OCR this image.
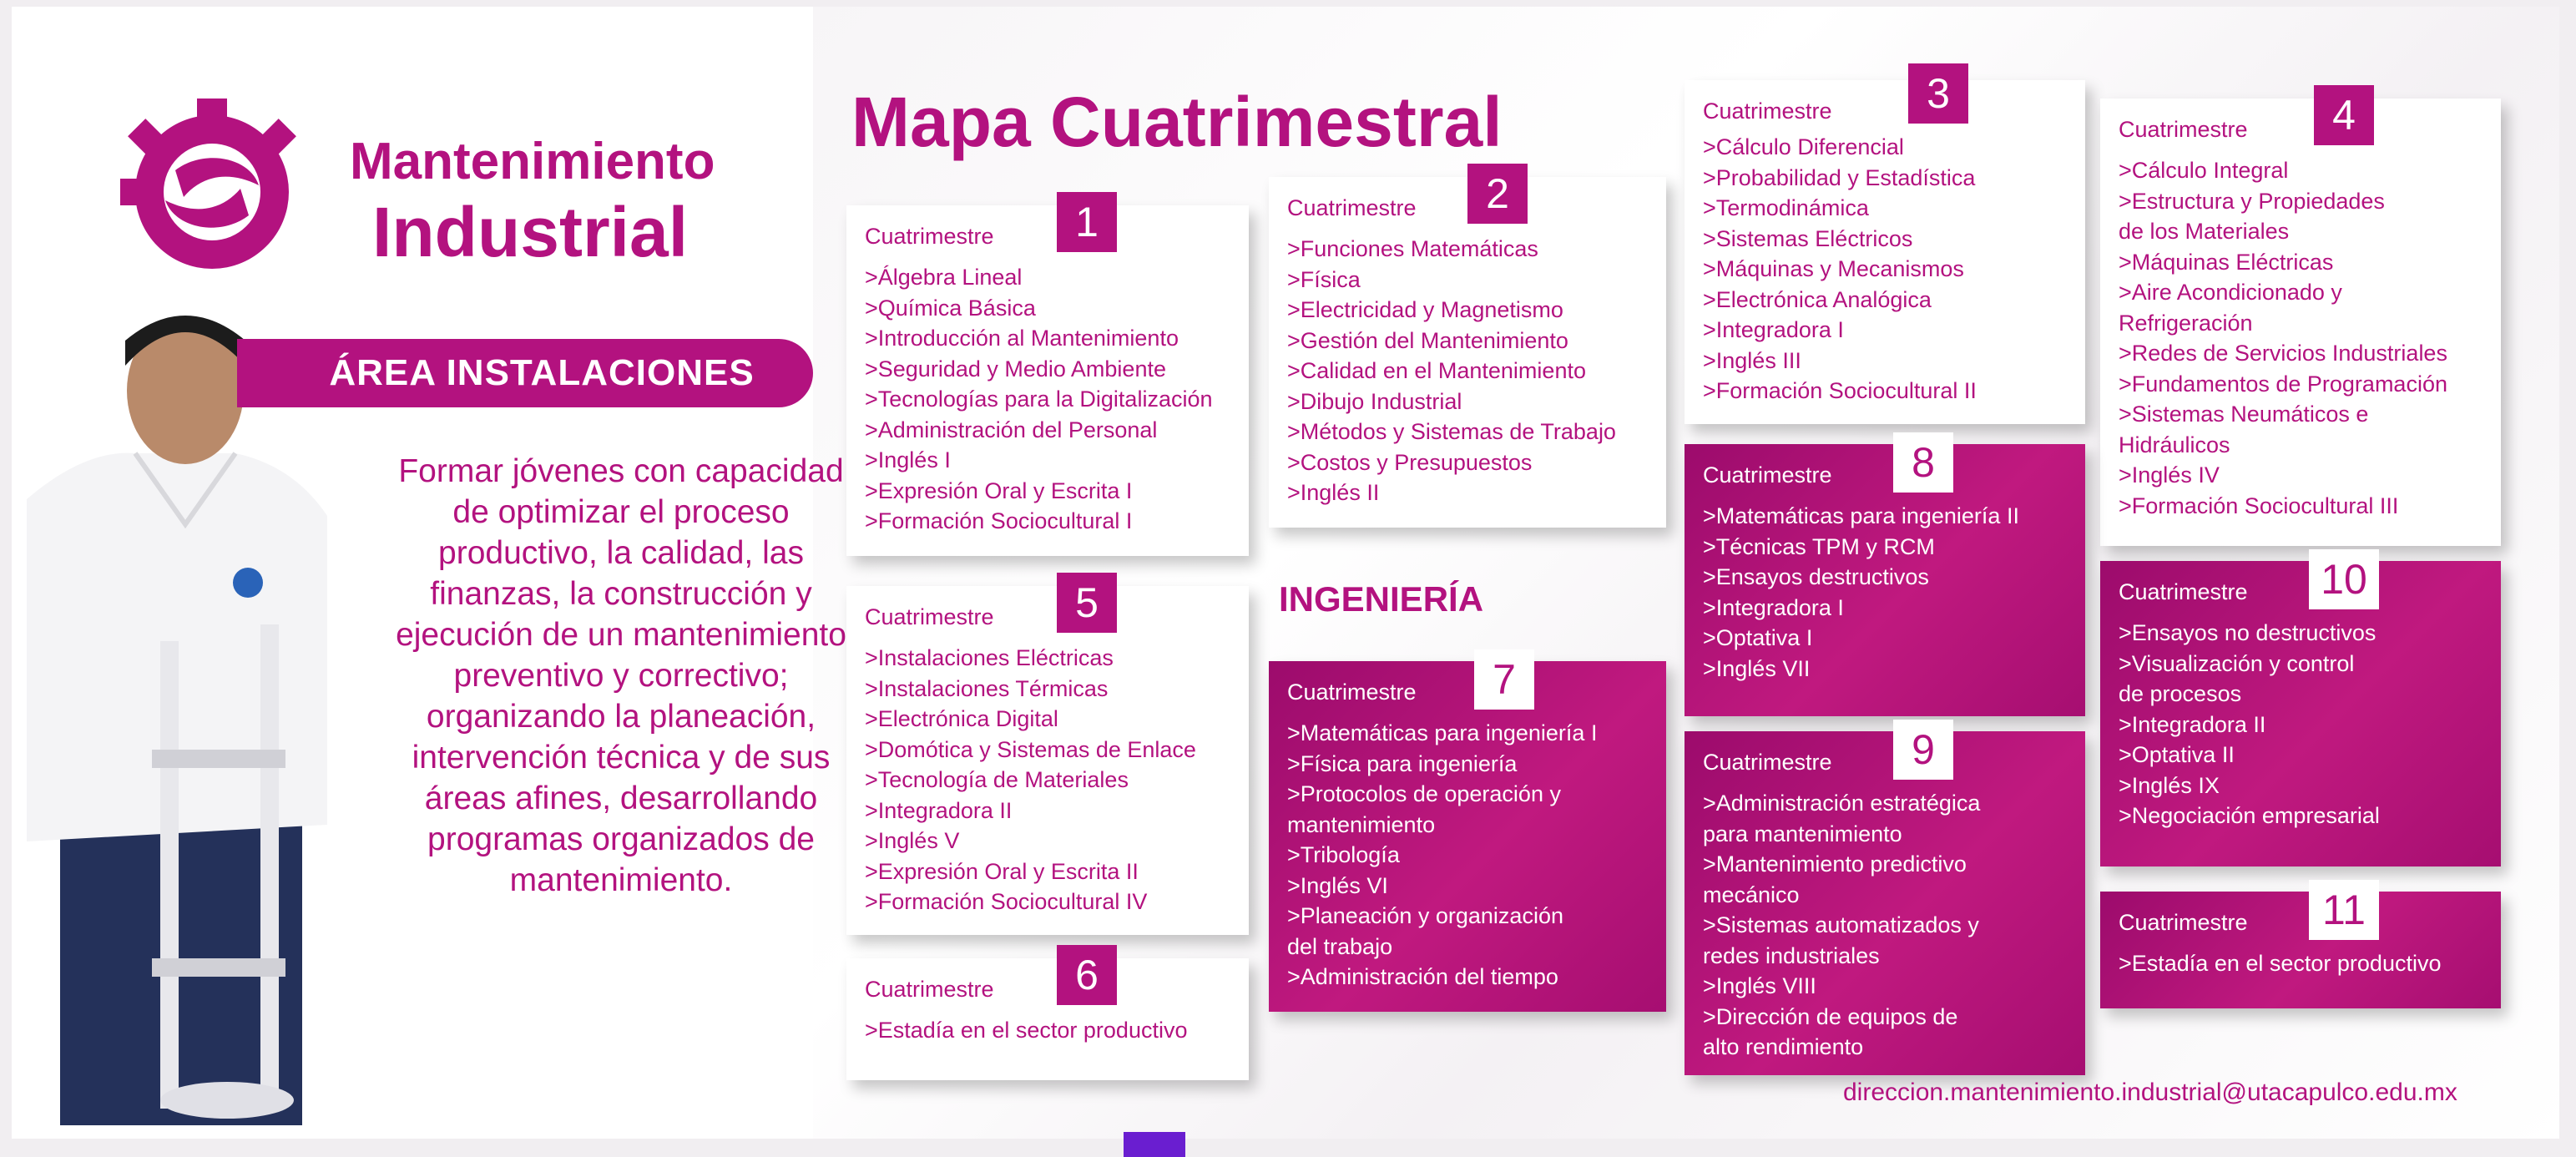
ut
Mantenimiento
Industrial
ÁREA INSTALACIONES
Formar jóvenes con capacidad de optimizar el proceso productivo, la calidad, las finanzas, la construcción y ejecución de un mantenimiento preventivo y correctivo; organizando la planeación, intervención técnica y de sus áreas afines, desarrollando programas organizados de mantenimiento.
Mapa Cuatrimestral
INGENIERÍA
Cuatrimestre	1
>Álgebra Lineal
>Química Básica
>Introducción al Mantenimiento
>Seguridad y Medio Ambiente
>Tecnologías para la Digitalización
>Administración del Personal
>Inglés I
>Expresión Oral y Escrita I
>Formación Sociocultural I
Cuatrimestre	2
>Funciones Matemáticas
>Física
>Electricidad y Magnetismo
>Gestión del Mantenimiento
>Calidad en el Mantenimiento
>Dibujo Industrial
>Métodos y Sistemas de Trabajo
>Costos y Presupuestos
>Inglés II
Cuatrimestre	3
>Cálculo Diferencial
>Probabilidad y Estadística
>Termodinámica
>Sistemas Eléctricos
>Máquinas y Mecanismos
>Electrónica Analógica
>Integradora I
>Inglés III
>Formación Sociocultural II
Cuatrimestre	4
>Cálculo Integral
>Estructura y Propiedades
de los Materiales
>Máquinas Eléctricas
>Aire Acondicionado y
Refrigeración
>Redes de Servicios Industriales
>Fundamentos de Programación
>Sistemas Neumáticos e
Hidráulicos
>Inglés IV
>Formación Sociocultural III
Cuatrimestre	5
>Instalaciones Eléctricas
>Instalaciones Térmicas
>Electrónica Digital
>Domótica y Sistemas de Enlace
>Tecnología de Materiales
>Integradora II
>Inglés V
>Expresión Oral y Escrita II
>Formación Sociocultural IV
Cuatrimestre	6
>Estadía en el sector productivo
Cuatrimestre	7
>Matemáticas para ingeniería I
>Física para ingeniería
>Protocolos de operación y
mantenimiento
>Tribología
>Inglés VI
>Planeación y organización
del trabajo
>Administración del tiempo
Cuatrimestre	8
>Matemáticas para ingeniería II
>Técnicas TPM y RCM
>Ensayos destructivos
>Integradora I
>Optativa I
>Inglés VII
Cuatrimestre	9
>Administración estratégica
para mantenimiento
>Mantenimiento predictivo
mecánico
>Sistemas automatizados y
redes industriales
>Inglés VIII
>Dirección de equipos de
alto rendimiento
Cuatrimestre 10
>Ensayos no destructivos
>Visualización y control
de procesos
>Integradora II
>Optativa II
>Inglés IX
>Negociación empresarial
Cuatrimestre	11
>Estadía en el sector productivo
direccion.mantenimiento.industrial@utacapulco.edu.mx
